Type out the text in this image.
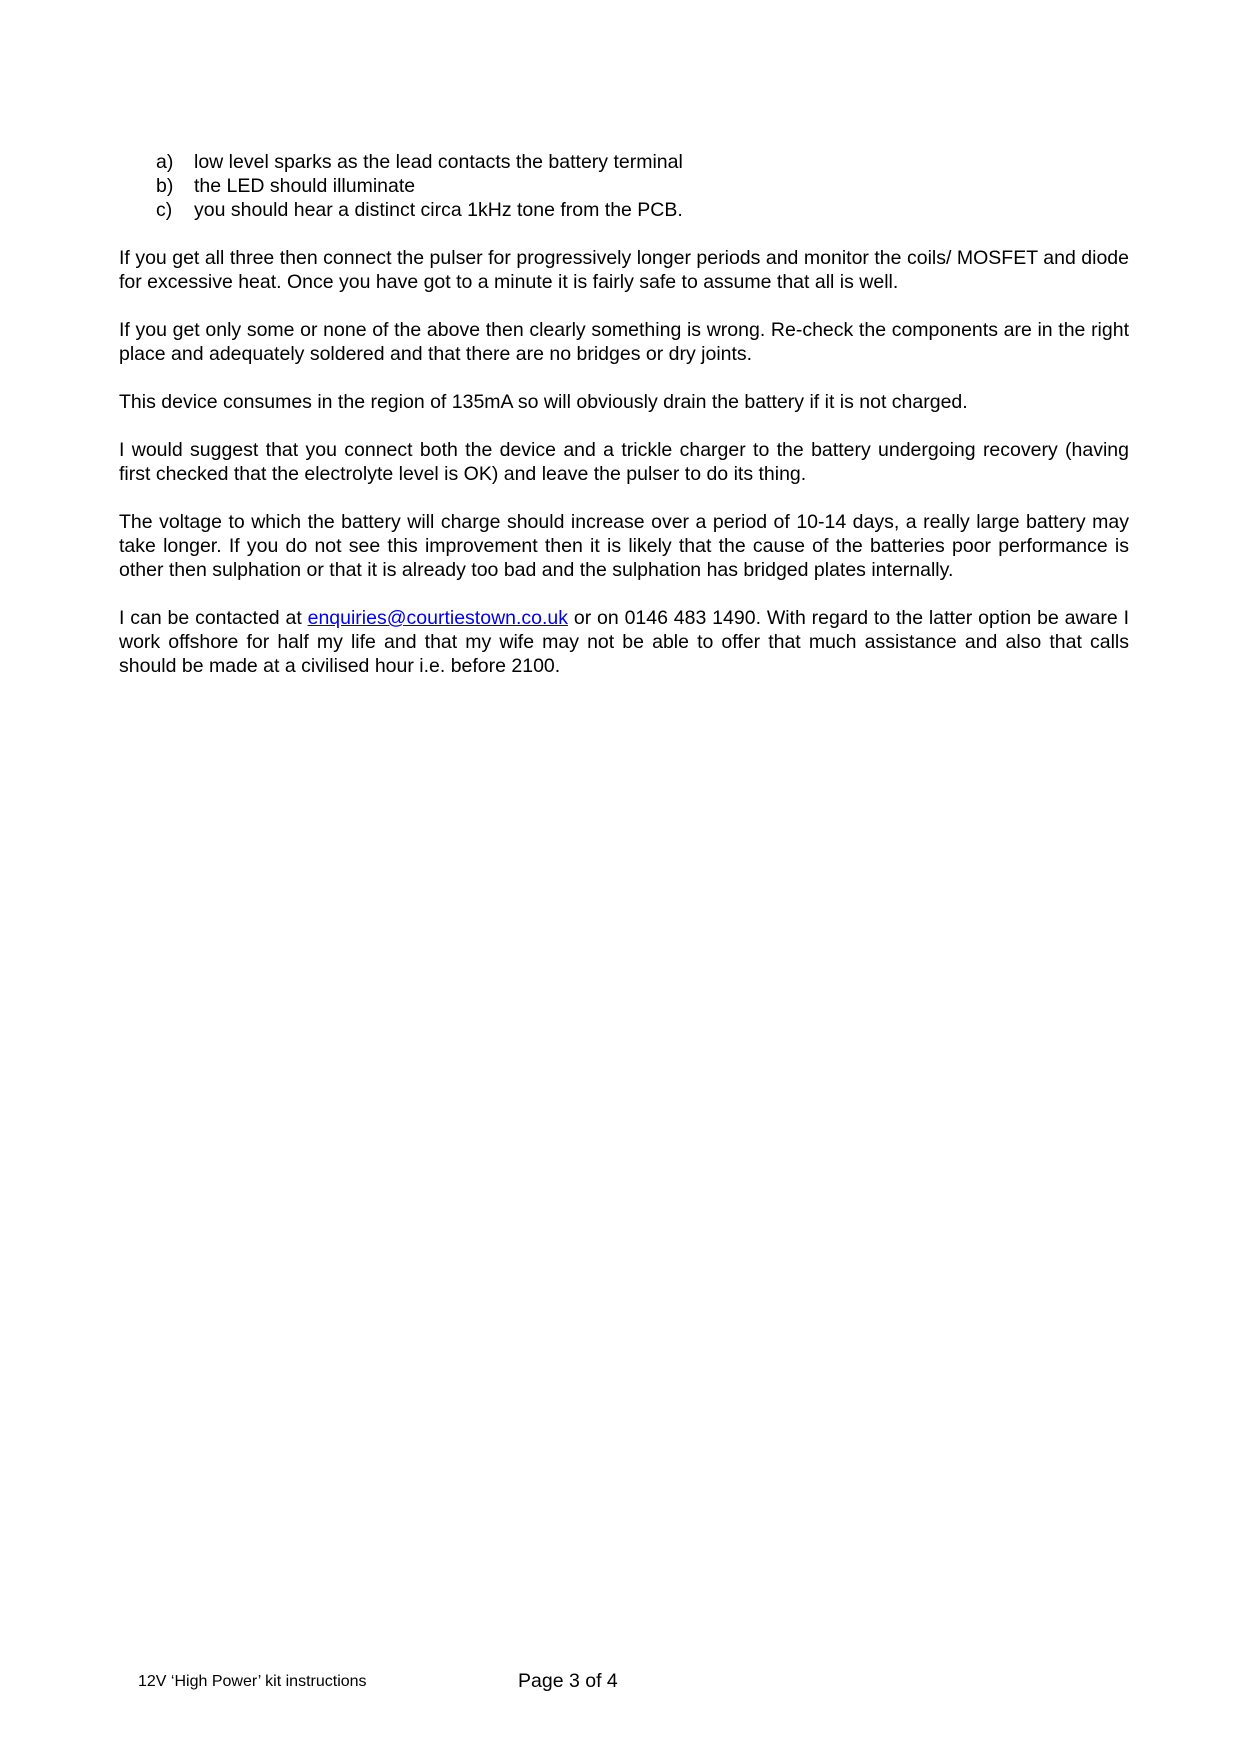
a)	low level sparks as the lead contacts the battery terminal
b)	the LED should illuminate
c)	you should hear a distinct circa 1kHz tone from the PCB.

If you get all three then connect the pulser for progressively longer periods and monitor the coils/ MOSFET and diode for excessive heat. Once you have got to a minute it is fairly safe to assume that all is well.

If you get only some or none of the above then clearly something is wrong. Re-check the components are in the right place and adequately soldered and that there are no bridges or dry joints.

This device consumes in the region of 135mA so will obviously drain the battery if it is not charged.

I would suggest that you connect both the device and a trickle charger to the battery undergoing recovery (having first checked that the electrolyte level is OK) and leave the pulser to do its thing.

The voltage to which the battery will charge should increase over a period of 10-14 days, a really large battery may take longer. If you do not see this improvement then it is likely that the cause of the batteries poor performance is other then sulphation or that it is already too bad and the sulphation has bridged plates internally.

I can be contacted at enquiries@courtiestown.co.uk or on 0146 483 1490. With regard to the latter option be aware I work offshore for half my life and that my wife may not be able to offer that much assistance and also that calls should be made at a civilised hour i.e. before 2100.

12V ‘High Power’ kit instructions	Page 3 of 4
